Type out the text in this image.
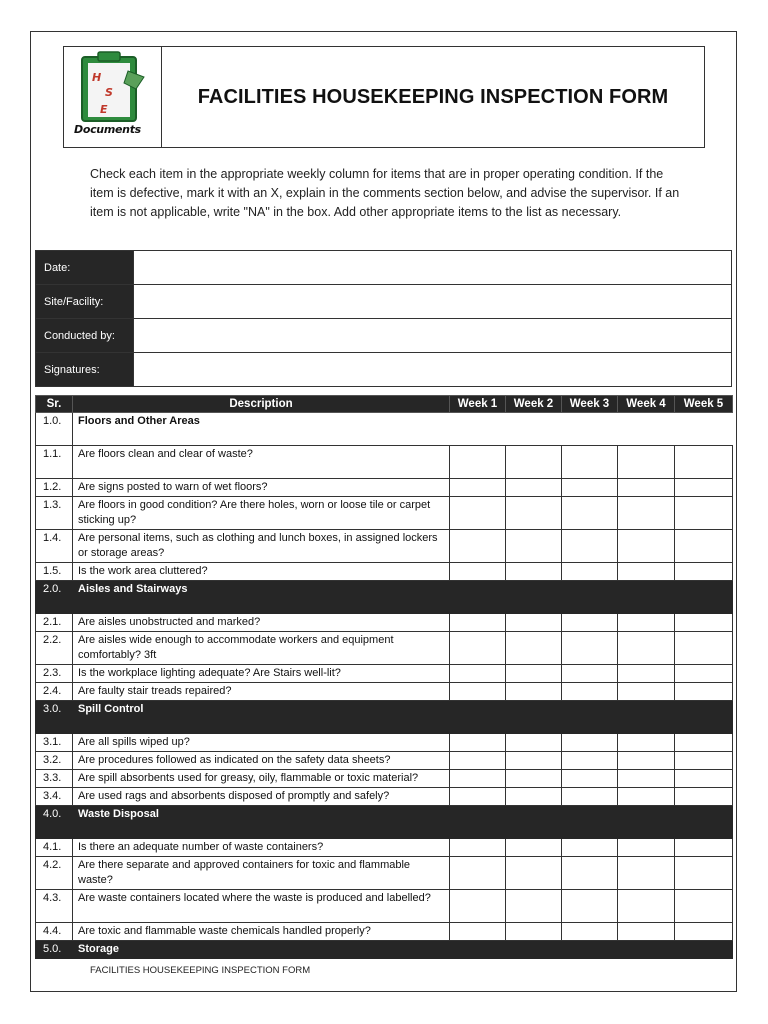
H
S
E
Documents
FACILITIES HOUSEKEEPING INSPECTION FORM
Check each item in the appropriate weekly column for items that are in proper operating condition. If the item is defective, mark it with an X, explain in the comments section below, and advise the supervisor. If an item is not applicable, write "NA" in the box. Add other appropriate items to the list as necessary.
Date:	
Site/Facility:	
Conducted by:	
Signatures:	
Sr.	Description	Week 1	Week 2	Week 3	Week 4	Week 5
1.0.	Floors and Other Areas					
1.1.	Are floors clean and clear of waste?					
1.2.	Are signs posted to warn of wet floors?					
1.3.	Are floors in good condition? Are there holes, worn or loose tile or carpet sticking up?					
1.4.	Are personal items, such as clothing and lunch boxes, in assigned lockers or storage areas?					
1.5.	Is the work area cluttered?					
2.0.	Aisles and Stairways					
2.1.	Are aisles unobstructed and marked?					
2.2.	Are aisles wide enough to accommodate workers and equipment comfortably? 3ft					
2.3.	Is the workplace lighting adequate? Are Stairs well-lit?					
2.4.	Are faulty stair treads repaired?					
3.0.	Spill Control					
3.1.	Are all spills wiped up?					
3.2.	Are procedures followed as indicated on the safety data sheets?					
3.3.	Are spill absorbents used for greasy, oily, flammable or toxic material?					
3.4.	Are used rags and absorbents disposed of promptly and safely?					
4.0.	Waste Disposal					
4.1.	Is there an adequate number of waste containers?					
4.2.	Are there separate and approved containers for toxic and flammable waste?					
4.3.	Are waste containers located where the waste is produced and labelled?					
4.4.	Are toxic and flammable waste chemicals handled properly?					
5.0.	Storage					
FACILITIES HOUSEKEEPING INSPECTION FORM
